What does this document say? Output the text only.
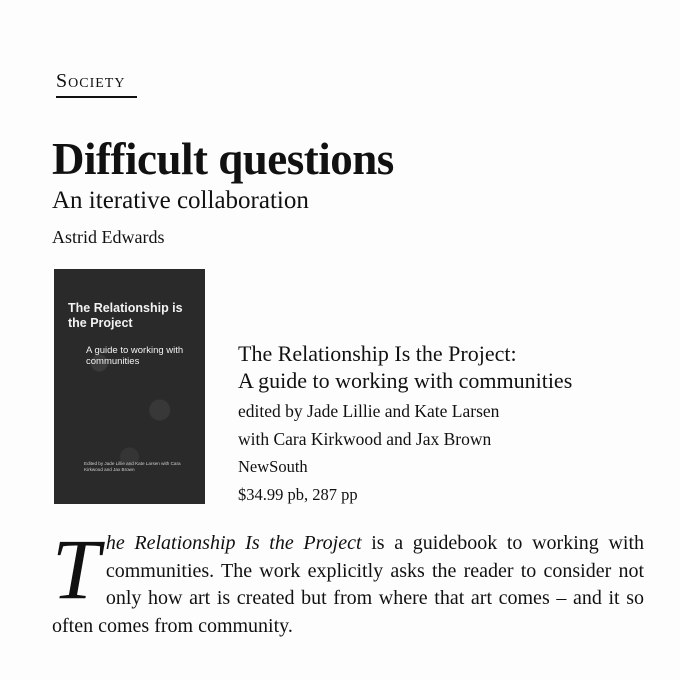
Society
Difficult questions
An iterative collaboration
Astrid Edwards
The Relationship is the Project
A guide to working with communities
Edited by Jade Lillie and Kate Larsen with Cara Kirkwood and Jax Brown
The Relationship Is the Project:
A guide to working with communities
edited by Jade Lillie and Kate Larsen
with Cara Kirkwood and Jax Brown
NewSouth
$34.99 pb, 287 pp
T he Relationship Is the Project is a guidebook to working with communities. The work explicitly asks the reader to consider not only how art is created but from where that art comes – and it so often comes from community.
